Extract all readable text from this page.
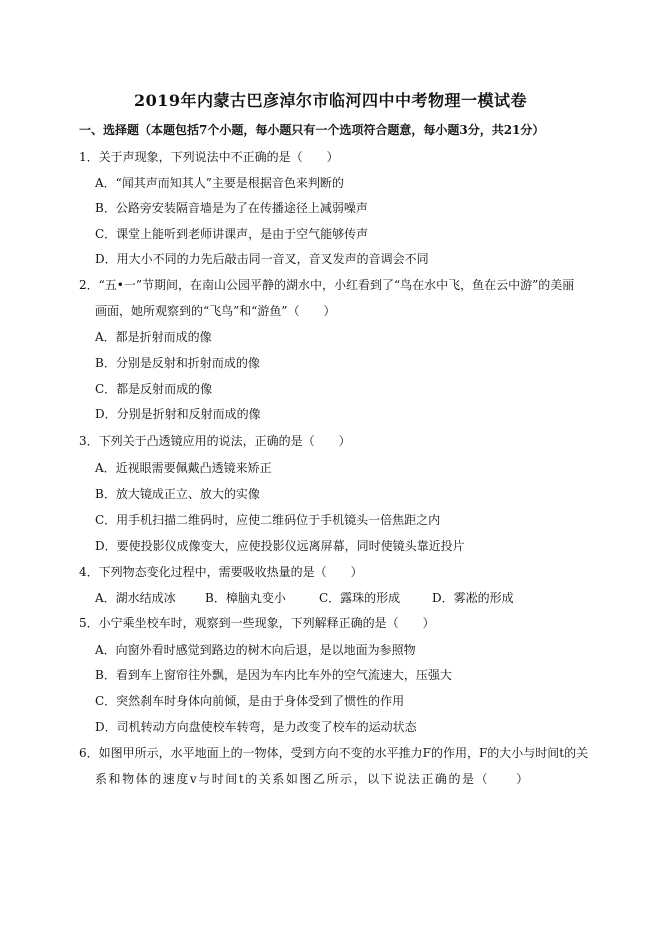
2019年内蒙古巴彦淖尔市临河四中中考物理一模试卷
一、选择题（本题包括7个小题，每小题只有一个选项符合题意，每小题3分，共21分）
1．关于声现象，下列说法中不正确的是（　　）
A．“闻其声而知其人”主要是根据音色来判断的
B．公路旁安装隔音墙是为了在传播途径上减弱噪声
C．课堂上能听到老师讲课声，是由于空气能够传声
D．用大小不同的力先后敲击同一音叉，音叉发声的音调会不同
2．“五•一”节期间，在南山公园平静的湖水中，小红看到了“鸟在水中飞，鱼在云中游”的美丽
画面，她所观察到的“飞鸟”和“游鱼”（　　）
A．都是折射而成的像
B．分别是反射和折射而成的像
C．都是反射而成的像
D．分别是折射和反射而成的像
3．下列关于凸透镜应用的说法，正确的是（　　）
A．近视眼需要佩戴凸透镜来矫正
B．放大镜成正立、放大的实像
C．用手机扫描二维码时，应使二维码位于手机镜头一倍焦距之内
D．要使投影仪成像变大，应使投影仪远离屏幕，同时使镜头靠近投片
4．下列物态变化过程中，需要吸收热量的是（　　）
A．湖水结成冰 B．樟脑丸变小	C．露珠的形成	D．雾凇的形成
5．小宁乘坐校车时，观察到一些现象，下列解释正确的是（　　）
A．向窗外看时感觉到路边的树木向后退，是以地面为参照物
B．看到车上窗帘往外飘，是因为车内比车外的空气流速大，压强大
C．突然刹车时身体向前倾，是由于身体受到了惯性的作用
D．司机转动方向盘使校车转弯，是力改变了校车的运动状态
6．如图甲所示，水平地面上的一物体，受到方向不变的水平推力F的作用，F的大小与时间t的关
系和物体的速度v与时间t的关系如图乙所示，以下说法正确的是（　　）
